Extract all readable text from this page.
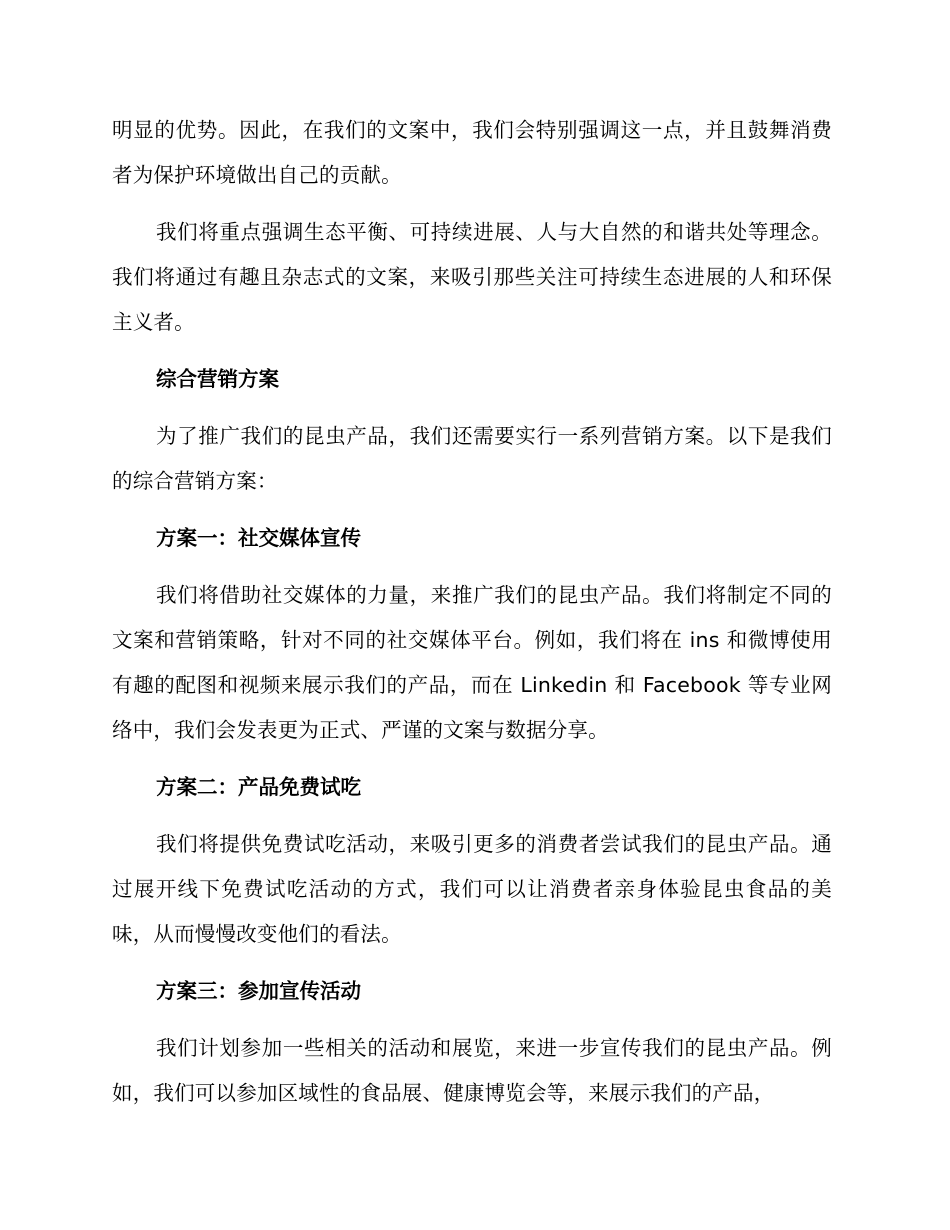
明显的优势。因此，在我们的文案中，我们会特别强调这一点，并且鼓舞消费者为保护环境做出自己的贡献。

我们将重点强调生态平衡、可持续进展、人与大自然的和谐共处等理念。我们将通过有趣且杂志式的文案，来吸引那些关注可持续生态进展的人和环保主义者。

综合营销方案

为了推广我们的昆虫产品，我们还需要实行一系列营销方案。以下是我们的综合营销方案：

方案一：社交媒体宣传

我们将借助社交媒体的力量，来推广我们的昆虫产品。我们将制定不同的文案和营销策略，针对不同的社交媒体平台。例如，我们将在 ins 和微博使用有趣的配图和视频来展示我们的产品，而在 Linkedin 和 Facebook 等专业网络中，我们会发表更为正式、严谨的文案与数据分享。

方案二：产品免费试吃

我们将提供免费试吃活动，来吸引更多的消费者尝试我们的昆虫产品。通过展开线下免费试吃活动的方式，我们可以让消费者亲身体验昆虫食品的美味，从而慢慢改变他们的看法。

方案三：参加宣传活动

我们计划参加一些相关的活动和展览，来进一步宣传我们的昆虫产品。例如，我们可以参加区域性的食品展、健康博览会等，来展示我们的产品，
